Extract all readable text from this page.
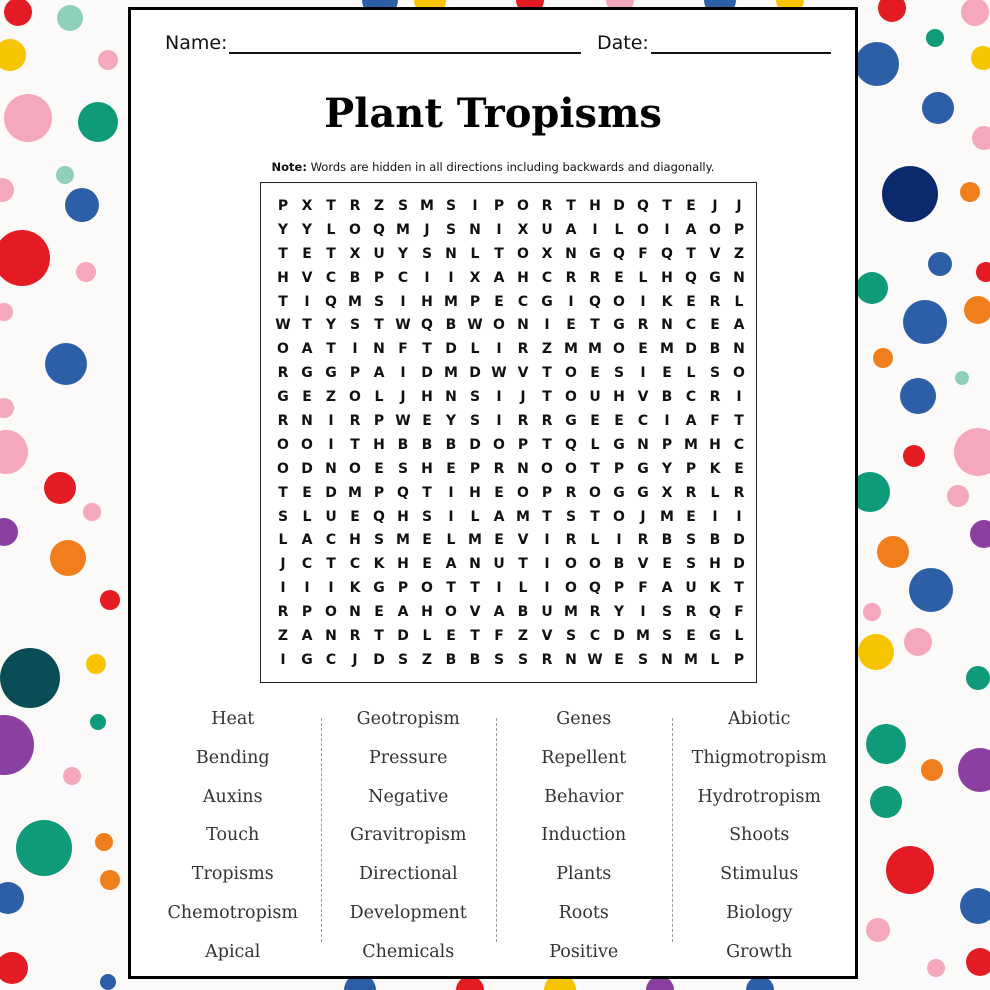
Name:	Date:
Plant Tropisms
Note: Words are hidden in all directions including backwards and diagonally.
P X T R Z S M S	I	P O R T H D Q T	E	J	J
Y Y	L O Q M	J	S N	I	X U A	I	L O	I	A O P
T	E	T X U Y S N L	T O X N G Q F Q T V Z
H V C B P C	I	I	X A H C R R E	L H Q G N
T	I	Q M S	I	H M P	E	C G	I	Q O	I	K E R	L
W T	Y S	T W Q B W O N	I	E	T G R N C	E A
O A T	I	N F	T D L	I	R Z M M O E M D B N
R G G P A	I	D M D W V T O E	S	I	E	L	S O
G E	Z O L	J	H N S	I	J	T O U H V B C R	I
R N	I	R P W E	Y S	I	R R G E	E	C	I	A F	T
O O	I	T H B B B D O P	T Q L G N P M H C
O D N O E	S H E	P R N O O T	P G Y P K E
T	E D M P Q T	I	H E O P R O G G X R	L	R
S	L U E Q H S	I	L	A M T	S	T O	J	M E	I	I
L	A C H S M E	L M E V	I	R	L	I	R B S B D
J	C	T	C K H E A N U T	I	O O B V E	S H D
I	I	I	K G P O T	T	I	L	I	O Q P	F A U K T
R P O N E A H O V A B U M R Y	I	S R Q F
Z A N R T D L	E	T	F	Z V S C D M S	E G L
I	G C	J	D S Z B B S S R N W E	S N M L	P
Heat
Bending
Auxins
Touch
Tropisms
Chemotropism
Apical
Geotropism
Pressure
Negative
Gravitropism
Directional
Development
Chemicals
Genes
Repellent
Behavior
Induction
Plants
Roots
Positive
Abiotic
Thigmotropism
Hydrotropism
Shoots
Stimulus
Biology
Growth
